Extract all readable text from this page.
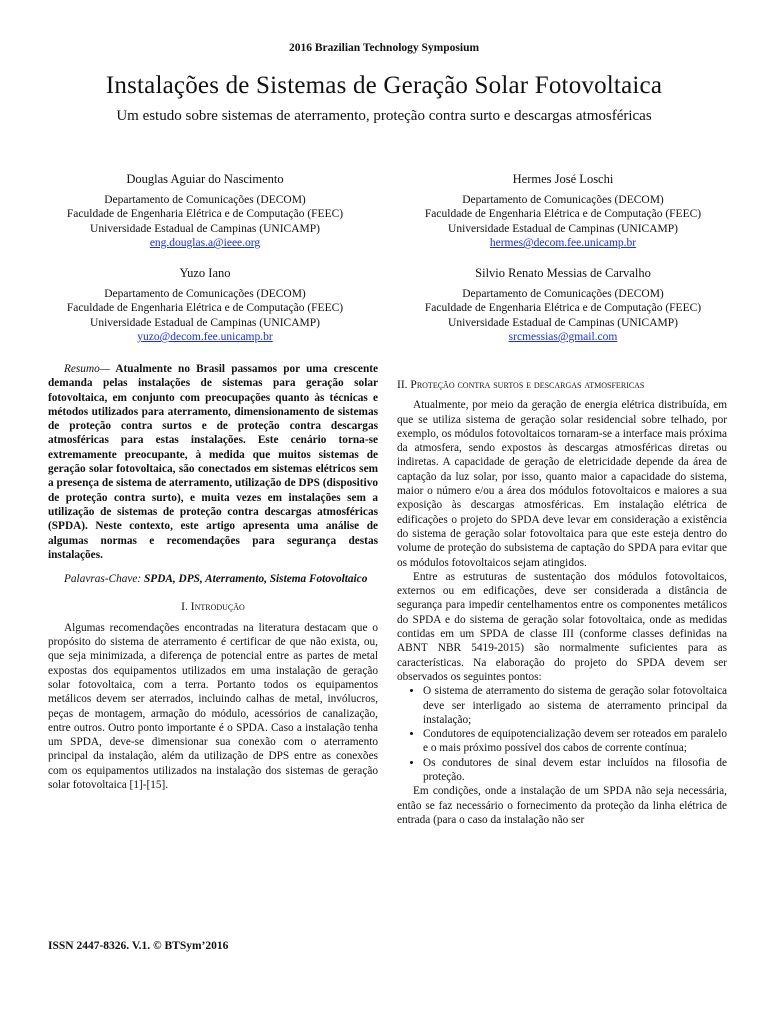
2016 Brazilian Technology Symposium
Instalações de Sistemas de Geração Solar Fotovoltaica
Um estudo sobre sistemas de aterramento, proteção contra surto e descargas atmosféricas
Douglas Aguiar do Nascimento
Departamento de Comunicações (DECOM)
Faculdade de Engenharia Elétrica e de Computação (FEEC)
Universidade Estadual de Campinas (UNICAMP)
eng.douglas.a@ieee.org
Hermes José Loschi
Departamento de Comunicações (DECOM)
Faculdade de Engenharia Elétrica e de Computação (FEEC)
Universidade Estadual de Campinas (UNICAMP)
hermes@decom.fee.unicamp.br
Yuzo Iano
Departamento de Comunicações (DECOM)
Faculdade de Engenharia Elétrica e de Computação (FEEC)
Universidade Estadual de Campinas (UNICAMP)
yuzo@decom.fee.unicamp.br
Silvio Renato Messias de Carvalho
Departamento de Comunicações (DECOM)
Faculdade de Engenharia Elétrica e de Computação (FEEC)
Universidade Estadual de Campinas (UNICAMP)
srcmessias@gmail.com

Resumo— Atualmente no Brasil passamos por uma crescente demanda pelas instalações de sistemas para geração solar fotovoltaica, em conjunto com preocupações quanto às técnicas e métodos utilizados para aterramento, dimensionamento de sistemas de proteção contra surtos e de proteção contra descargas atmosféricas para estas instalações. Este cenário torna-se extremamente preocupante, à medida que muitos sistemas de geração solar fotovoltaica, são conectados em sistemas elétricos sem a presença de sistema de aterramento, utilização de DPS (dispositivo de proteção contra surto), e muita vezes em instalações sem a utilização de sistemas de proteção contra descargas atmosféricas (SPDA). Neste contexto, este artigo apresenta uma análise de algumas normas e recomendações para segurança destas instalações.

Palavras-Chave: SPDA, DPS, Aterramento, Sistema Fotovoltaico

I. Introdução

Algumas recomendações encontradas na literatura destacam que o propósito do sistema de aterramento é certificar de que não exista, ou, que seja minimizada, a diferença de potencial entre as partes de metal expostas dos equipamentos utilizados em uma instalação de geração solar fotovoltaica, com a terra. Portanto todos os equipamentos metálicos devem ser aterrados, incluindo calhas de metal, invólucros, peças de montagem, armação do módulo, acessórios de canalização, entre outros. Outro ponto importante é o SPDA. Caso a instalação tenha um SPDA, deve-se dimensionar sua conexão com o aterramento principal da instalação, além da utilização de DPS entre as conexões com os equipamentos utilizados na instalação dos sistemas de geração solar fotovoltaica [1]-[15].

II. Proteção contra surtos e descargas atmosfericas

Atualmente, por meio da geração de energia elétrica distribuída, em que se utiliza sistema de geração solar residencial sobre telhado, por exemplo, os módulos fotovoltaicos tornaram-se a interface mais próxima da atmosfera, sendo expostos às descargas atmosféricas diretas ou indiretas. A capacidade de geração de eletricidade depende da área de captação da luz solar, por isso, quanto maior a capacidade do sistema, maior o número e/ou a área dos módulos fotovoltaicos e maiores a sua exposição às descargas atmosféricas. Em instalação elétrica de edificações o projeto do SPDA deve levar em consideração a existência do sistema de geração solar fotovoltaica para que este esteja dentro do volume de proteção do subsistema de captação do SPDA para evitar que os módulos fotovoltaicos sejam atingidos.

Entre as estruturas de sustentação dos módulos fotovoltaicos, externos ou em edificações, deve ser considerada a distância de segurança para impedir centelhamentos entre os componentes metálicos do SPDA e do sistema de geração solar fotovoltaica, onde as medidas contidas em um SPDA de classe III (conforme classes definidas na ABNT NBR 5419-2015) são normalmente suficientes para as características. Na elaboração do projeto do SPDA devem ser observados os seguintes pontos:

• O sistema de aterramento do sistema de geração solar fotovoltaica deve ser interligado ao sistema de aterramento principal da instalação;
• Condutores de equipotencialização devem ser roteados em paralelo e o mais próximo possível dos cabos de corrente contínua;
• Os condutores de sinal devem estar incluídos na filosofia de proteção.

Em condições, onde a instalação de um SPDA não seja necessária, então se faz necessário o fornecimento da proteção da linha elétrica de entrada (para o caso da instalação não ser

ISSN 2447-8326. V.1. © BTSym’2016
